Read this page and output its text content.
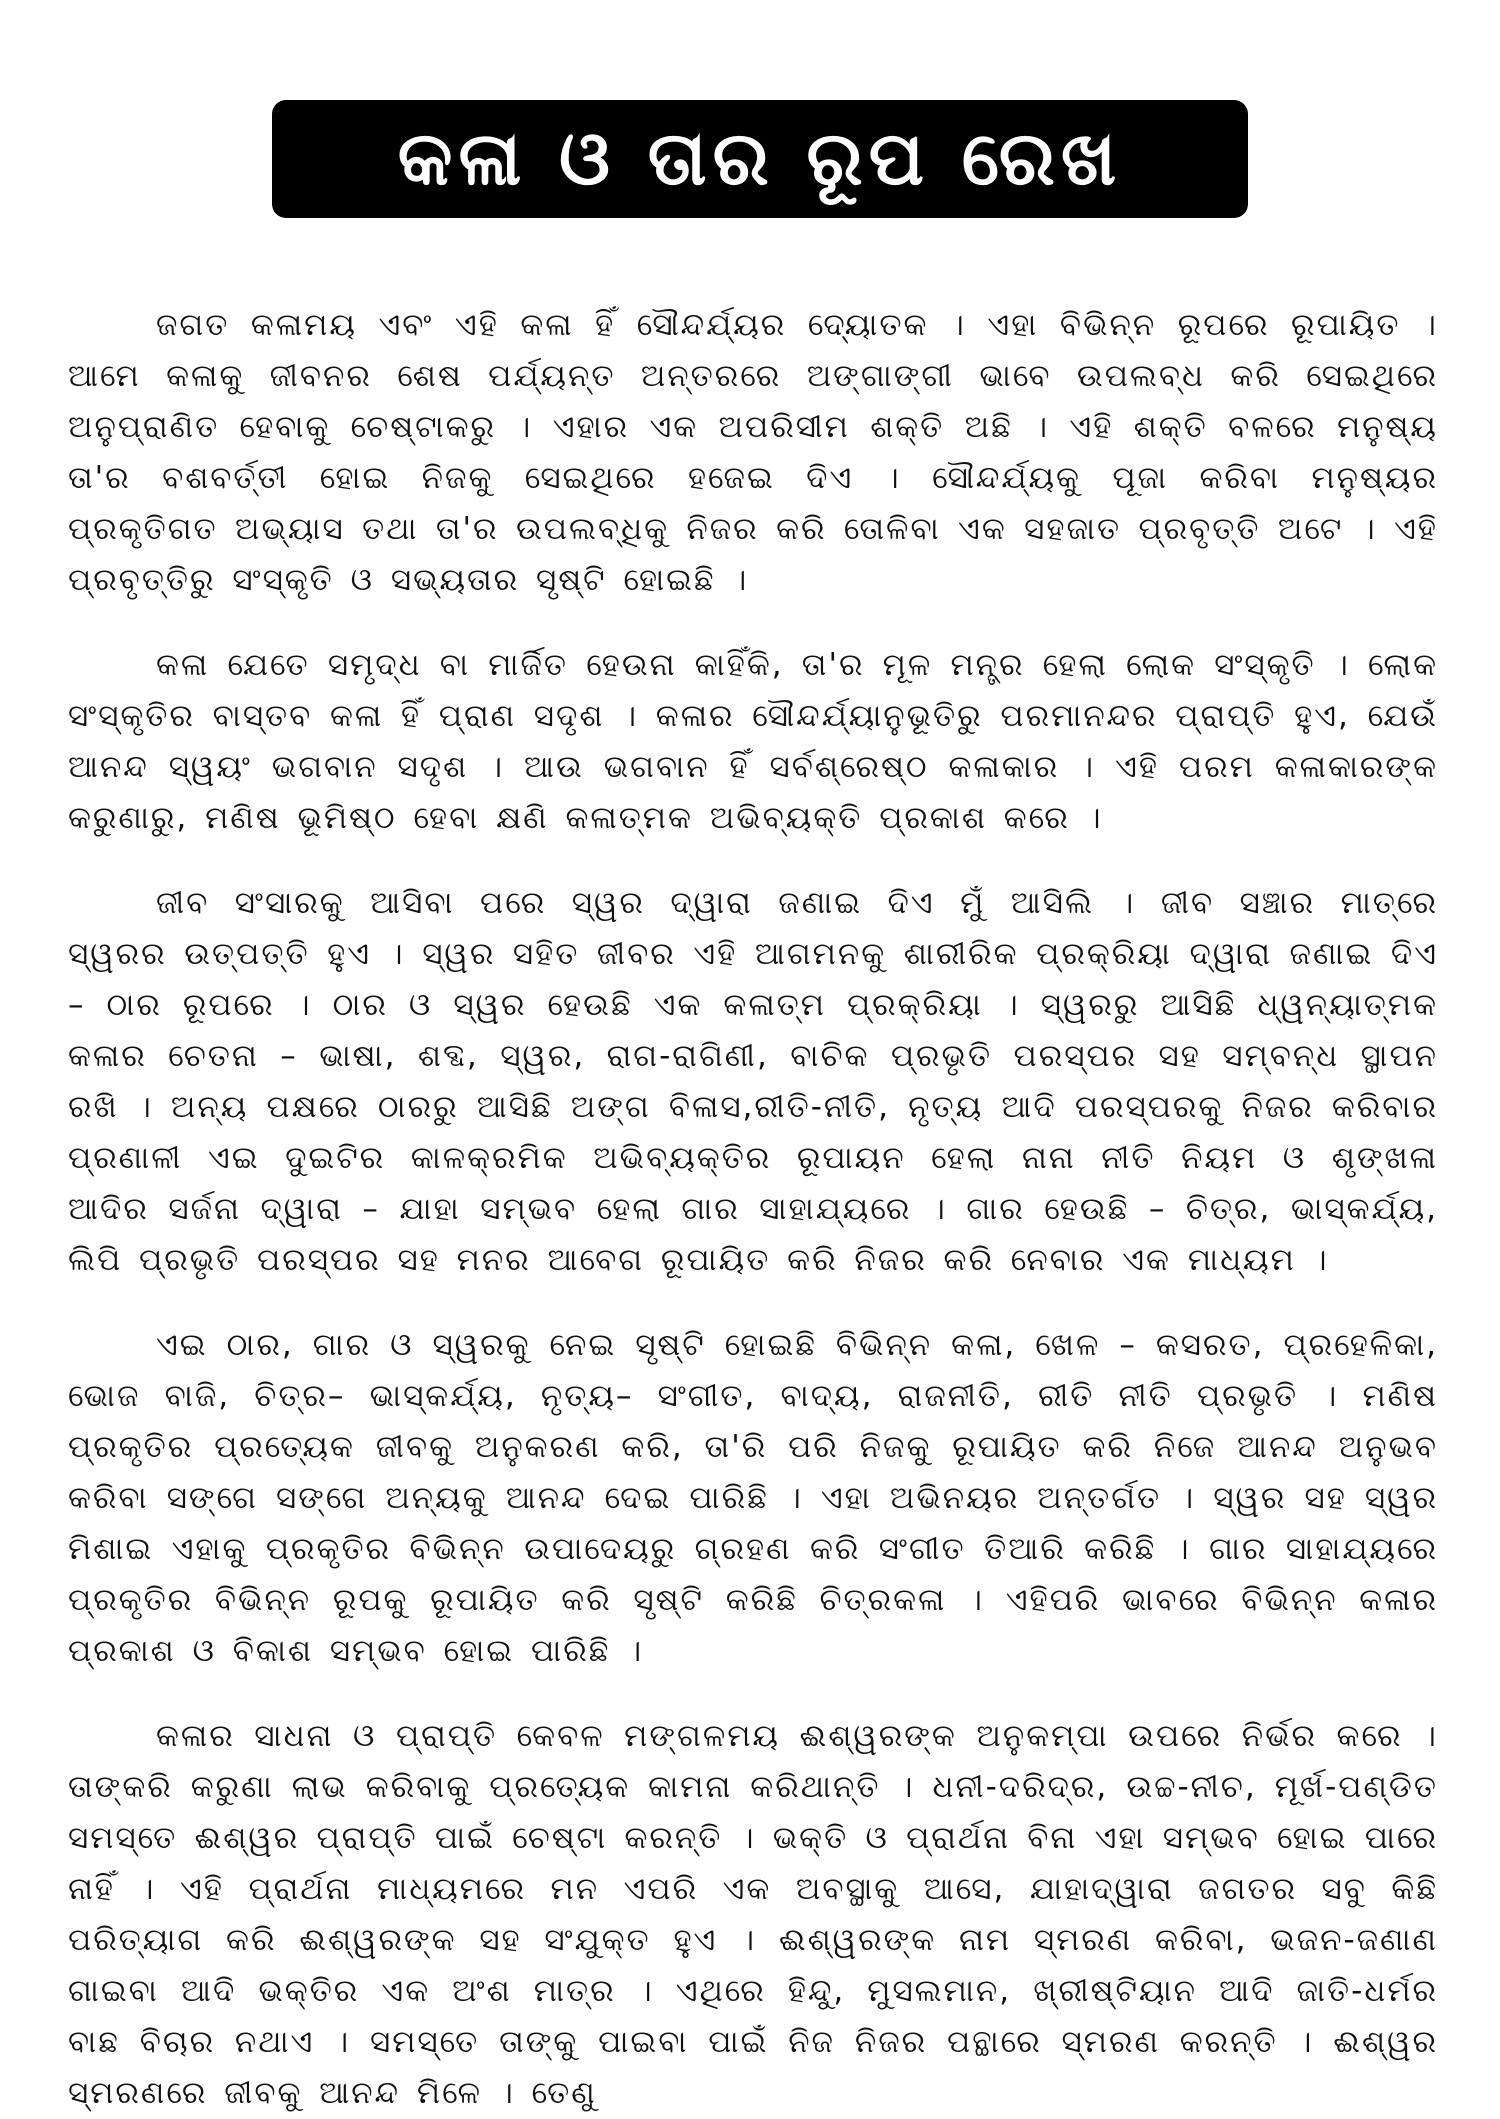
କଳା ଓ ତାର ରୂପ ରେଖ

ଜଗତ କଳାମୟ ଏବଂ ଏହି କଳା ହିଁ ସୌନ୍ଦର୍ଯ୍ୟର ଦ୍ୟୋତକ । ଏହା ବିଭିନ୍ନ ରୂପରେ ରୂପାୟିତ । ଆମେ କଳାକୁ ଜୀବନର ଶେଷ ପର୍ଯ୍ୟନ୍ତ ଅନ୍ତରରେ ଅଙ୍ଗାଙ୍ଗୀ ଭାବେ ଉପଲବ୍ଧ କରି ସେଇଥିରେ ଅନୁପ୍ରାଣିତ ହେବାକୁ ଚେଷ୍ଟାକରୁ । ଏହାର ଏକ ଅପରିସୀମ ଶକ୍ତି ଅଛି । ଏହି ଶକ୍ତି ବଳରେ ମନୁଷ୍ୟ ତା'ର ବଶବର୍ତ୍ତୀ ହୋଇ ନିଜକୁ ସେଇଥିରେ ହଜେଇ ଦିଏ । ସୌନ୍ଦର୍ଯ୍ୟକୁ ପୂଜା କରିବା ମନୁଷ୍ୟର ପ୍ରକୃତିଗତ ଅଭ୍ୟାସ ତଥା ତା'ର ଉପଲବ୍ଧିକୁ ନିଜର କରି ତୋଳିବା ଏକ ସହଜାତ ପ୍ରବୃତ୍ତି ଅଟେ । ଏହି ପ୍ରବୃତ୍ତିରୁ ସଂସ୍କୃତି ଓ ସଭ୍ୟତାର ସୃଷ୍ଟି ହୋଇଛି ।

କଳା ଯେତେ ସମୃଦ୍ଧ ବା ମାର୍ଜିତ ହେଉନା କାହିଁକି, ତା'ର ମୂଳ ମନ୍ତ୍ର ହେଲା ଲୋକ ସଂସ୍କୃତି । ଲୋକ ସଂସ୍କୃତିର ବାସ୍ତବ କଳା ହିଁ ପ୍ରାଣ ସଦୃଶ । କଳାର ସୌନ୍ଦର୍ଯ୍ୟାନୁଭୂତିରୁ ପରମାନନ୍ଦର ପ୍ରାପ୍ତି ହୁଏ, ଯେଉଁ ଆନନ୍ଦ ସ୍ୱୟଂ ଭଗବାନ ସଦୃଶ । ଆଉ ଭଗବାନ ହିଁ ସର୍ବଶ୍ରେଷ୍ଠ କଳାକାର । ଏହି ପରମ କଳାକାରଙ୍କ କରୁଣାରୁ, ମଣିଷ ଭୂମିଷ୍ଠ ହେବା କ୍ଷଣି କଳାତ୍ମକ ଅଭିବ୍ୟକ୍ତି ପ୍ରକାଶ କରେ ।

ଜୀବ ସଂସାରକୁ ଆସିବା ପରେ ସ୍ୱର ଦ୍ୱାରା ଜଣାଇ ଦିଏ ମୁଁ ଆସିଲି । ଜୀବ ସଞ୍ଚାର ମାତ୍ରେ ସ୍ୱରର ଉତ୍ପତ୍ତି ହୁଏ । ସ୍ୱର ସହିତ ଜୀବର ଏହି ଆଗମନକୁ ଶାରୀରିକ ପ୍ରକ୍ରିୟା ଦ୍ୱାରା ଜଣାଇ ଦିଏ – ଠାର ରୂପରେ । ଠାର ଓ ସ୍ୱର ହେଉଛି ଏକ କଳାତ୍ମ ପ୍ରକ୍ରିୟା । ସ୍ୱରରୁ ଆସିଛି ଧ୍ୱନ୍ୟାତ୍ମକ କଳାର ଚେତନା – ଭାଷା, ଶବ୍ଦ, ସ୍ୱର, ରାଗ-ରାଗିଣୀ, ବାଚିକ ପ୍ରଭୃତି ପରସ୍ପର ସହ ସମ୍ବନ୍ଧ ସ୍ଥାପନ ରଖି । ଅନ୍ୟ ପକ୍ଷରେ ଠାରରୁ ଆସିଛି ଅଙ୍ଗ ବିଳାସ,ରୀତି-ନୀତି, ନୃତ୍ୟ ଆଦି ପରସ୍ପରକୁ ନିଜର କରିବାର ପ୍ରଣାଳୀ ଏଇ ଦୁଇଟିର କାଳକ୍ରମିକ ଅଭିବ୍ୟକ୍ତିର ରୂପାୟନ ହେଲା ନାନା ନୀତି ନିୟମ ଓ ଶୃଙ୍ଖଳା ଆଦିର ସର୍ଜନା ଦ୍ୱାରା – ଯାହା ସମ୍ଭବ ହେଲା ଗାର ସାହାଯ୍ୟରେ । ଗାର ହେଉଛି – ଚିତ୍ର, ଭାସ୍କର୍ଯ୍ୟ, ଲିପି ପ୍ରଭୃତି ପରସ୍ପର ସହ ମନର ଆବେଗ ରୂପାୟିତ କରି ନିଜର କରି ନେବାର ଏକ ମାଧ୍ୟମ ।

ଏଇ ଠାର, ଗାର ଓ ସ୍ୱରକୁ ନେଇ ସୃଷ୍ଟି ହୋଇଛି ବିଭିନ୍ନ କଳା, ଖେଳ – କସରତ, ପ୍ରହେଳିକା, ଭୋଜ ବାଜି, ଚିତ୍ର– ଭାସ୍କର୍ଯ୍ୟ, ନୃତ୍ୟ– ସଂଗୀତ, ବାଦ୍ୟ, ରାଜନୀତି, ରୀତି ନୀତି ପ୍ରଭୃତି । ମଣିଷ ପ୍ରକୃତିର ପ୍ରତ୍ୟେକ ଜୀବକୁ ଅନୁକରଣ କରି, ତା'ରି ପରି ନିଜକୁ ରୂପାୟିତ କରି ନିଜେ ଆନନ୍ଦ ଅନୁଭବ କରିବା ସଙ୍ଗେ ସଙ୍ଗେ ଅନ୍ୟକୁ ଆନନ୍ଦ ଦେଇ ପାରିଛି । ଏହା ଅଭିନୟର ଅନ୍ତର୍ଗତ । ସ୍ୱର ସହ ସ୍ୱର ମିଶାଇ ଏହାକୁ ପ୍ରକୃତିର ବିଭିନ୍ନ ଉପାଦେୟରୁ ଗ୍ରହଣ କରି ସଂଗୀତ ତିଆରି କରିଛି । ଗାର ସାହାଯ୍ୟରେ ପ୍ରକୃତିର ବିଭିନ୍ନ ରୂପକୁ ରୂପାୟିତ କରି ସୃଷ୍ଟି କରିଛି ଚିତ୍ରକଳା । ଏହିପରି ଭାବରେ ବିଭିନ୍ନ କଳାର ପ୍ରକାଶ ଓ ବିକାଶ ସମ୍ଭବ ହୋଇ ପାରିଛି ।

କଳାର ସାଧନା ଓ ପ୍ରାପ୍ତି କେବଳ ମଙ୍ଗଳମୟ ଈଶ୍ୱରଙ୍କ ଅନୁକମ୍ପା ଉପରେ ନିର୍ଭର କରେ । ତାଙ୍କରି କରୁଣା ଲାଭ କରିବାକୁ ପ୍ରତ୍ୟେକ କାମନା କରିଥାନ୍ତି । ଧନୀ-ଦରିଦ୍ର, ଉଚ୍ଚ-ନୀଚ, ମୂର୍ଖ-ପଣ୍ଡିତ ସମସ୍ତେ ଈଶ୍ୱର ପ୍ରାପ୍ତି ପାଇଁ ଚେଷ୍ଟା କରନ୍ତି । ଭକ୍ତି ଓ ପ୍ରାର୍ଥନା ବିନା ଏହା ସମ୍ଭବ ହୋଇ ପାରେ ନାହିଁ । ଏହି ପ୍ରାର୍ଥନା ମାଧ୍ୟମରେ ମନ ଏପରି ଏକ ଅବସ୍ଥାକୁ ଆସେ, ଯାହାଦ୍ୱାରା ଜଗତର ସବୁ କିଛି ପରିତ୍ୟାଗ କରି ଈଶ୍ୱରଙ୍କ ସହ ସଂଯୁକ୍ତ ହୁଏ । ଈଶ୍ୱରଙ୍କ ନାମ ସ୍ମରଣ କରିବା, ଭଜନ-ଜଣାଣ ଗାଇବା ଆଦି ଭକ୍ତିର ଏକ ଅଂଶ ମାତ୍ର । ଏଥିରେ ହିନ୍ଦୁ, ମୁସଲମାନ, ଖ୍ରୀଷ୍ଟିୟାନ ଆଦି ଜାତି-ଧର୍ମର ବାଛ ବିଚାର ନଥାଏ । ସମସ୍ତେ ତାଙ୍କୁ ପାଇବା ପାଇଁ ନିଜ ନିଜର ପନ୍ଥାରେ ସ୍ମରଣ କରନ୍ତି । ଈଶ୍ୱର ସ୍ମରଣରେ ଜୀବକୁ ଆନନ୍ଦ ମିଳେ । ତେଣୁ
